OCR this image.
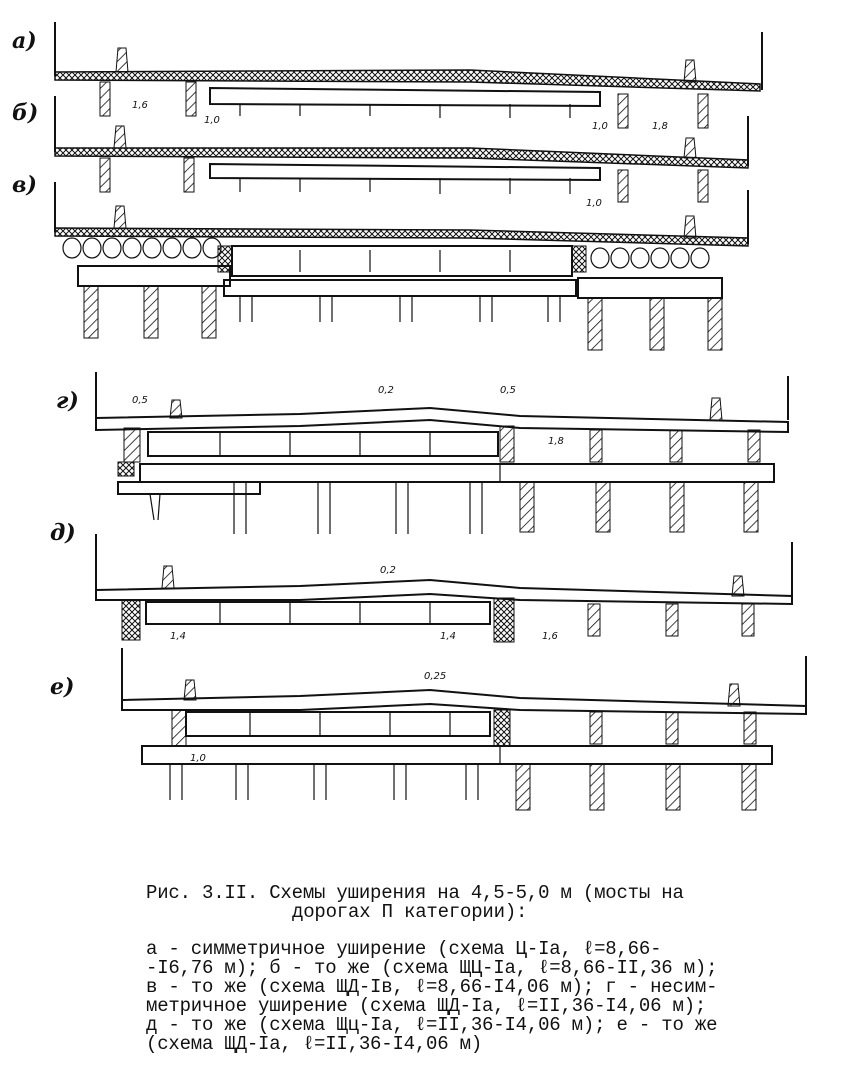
а)
1,6
1,0
1,0	1,8
б)
1,0
в)
г)	0,5
0,2	0,5
1,8
д)
0,2
1,4	1,4	1,6
е)	0,25
1,0
Рис. 3.II. Схемы уширения на 4,5-5,0 м (мосты на
дорогах П категории):
а - симметричное уширение (схема Ц-Iа, ℓ=8,66-
-I6,76 м); б - то же (схема ЩЦ-Iа, ℓ=8,66-II,36 м);
в - то же (схема ЩД-Iв, ℓ=8,66-I4,06 м); г - несим-
метричное уширение (схема ЩД-Iа, ℓ=II,36-I4,06 м);
д - то же (схема Щц-Iа, ℓ=II,36-I4,06 м); е - то же
(схема ЩД-Iа, ℓ=II,36-I4,06 м)
